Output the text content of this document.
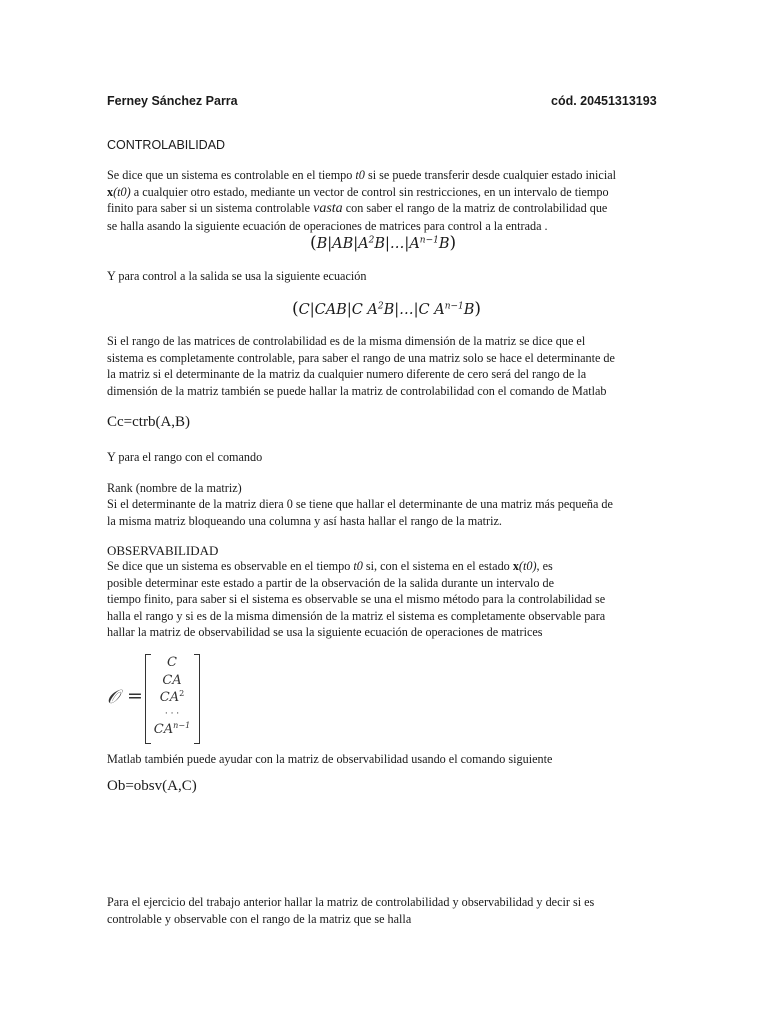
Ferney Sánchez Parra	cód. 20451313193
CONTROLABILIDAD
Se dice que un sistema es controlable en el tiempo t0 si se puede transferir desde cualquier estado inicial
x(t0) a cualquier otro estado, mediante un vector de control sin restricciones, en un intervalo de tiempo
finito para saber si un sistema controlable vasta con saber el rango de la matriz de controlabilidad que
se halla asando la siguiente ecuación de operaciones de matrices para control a la entrada .
$(B|AB|A^2B|\dots|A^{n-1}B)$
Y para control a la salida se usa la siguiente ecuación
(C|CAB|C $A^2B|\dots|C$ $A^{n-1}B$)
Si el rango de las matrices de controlabilidad es de la misma dimensión de la matriz se dice que el
sistema es completamente controlable, para saber el rango de una matriz solo se hace el determinante de
la matriz si el determinante de la matriz da cualquier numero diferente de cero será del rango de la
dimensión de la matriz también se puede hallar la matriz de controlabilidad con el comando de Matlab
Cc=ctrb(A,B)
Y para el rango con el comando
Rank (nombre de la matriz)
Si el determinante de la matriz diera 0 se tiene que hallar el determinante de una matriz más pequeña de
la misma matriz bloqueando una columna y así hasta hallar el rango de la matriz.
OBSERVABILIDAD
Se dice que un sistema es observable en el tiempo t0 si, con el sistema en el estado x(t0), es
posible determinar este estado a partir de la observación de la salida durante un intervalo de
tiempo finito, para saber si el sistema es observable se una el mismo método para la controlabilidad se
halla el rango y si es de la misma dimensión de la matriz el sistema es completamente observable para
hallar la matriz de observabilidad se usa la siguiente ecuación de operaciones de matrices
𝒪 =
C
CA
$CA^2$
· · ·
$CA^{n-1}$
Matlab también puede ayudar con la matriz de observabilidad usando el comando siguiente
Ob=obsv(A,C)
Para el ejercicio del trabajo anterior hallar la matriz de controlabilidad y observabilidad y decir si es
controlable y observable con el rango de la matriz que se halla
